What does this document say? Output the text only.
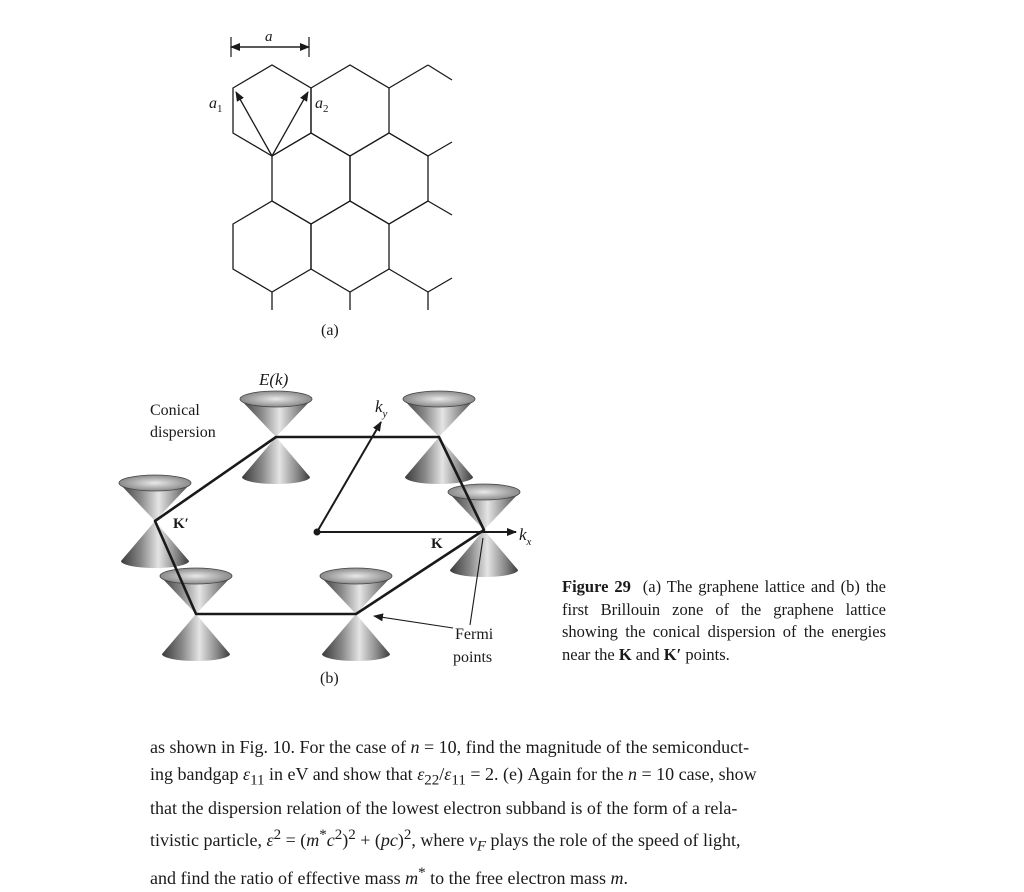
a
$a_1$	$a_2$
(a)
E(k)
Conical
dispersion
$k_y$
$k_x$
K
K′
Fermi
points
(b)
Figure 29 (a) The graphene lattice and (b) the first Brillouin zone of the graphene lattice showing the conical dispersion of the energies near the K and K′ points.

as shown in Fig. 10. For the case of n = 10, find the magnitude of the semiconduct-

ing bandgap $\varepsilon_{11}$ in eV and show that $\varepsilon_{22}/\varepsilon_{11} = 2$. (e) Again for the n = 10 case, show

that the dispersion relation of the lowest electron subband is of the form of a rela-

tivistic particle, $\varepsilon^2 = (m^*c^2)^2 + (pc)^2$, where $v_F$ plays the role of the speed of light,

and find the ratio of effective mass m* to the free electron mass m.
